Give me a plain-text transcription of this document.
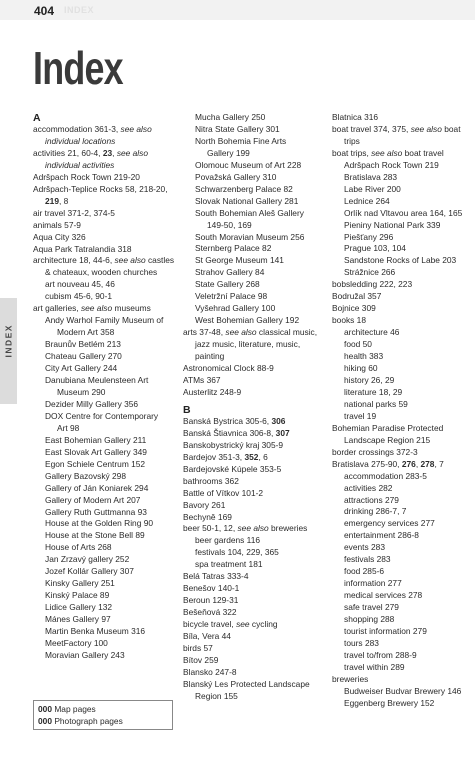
404 INDEX
Index
INDEX
A
accommodation 361-3, see also
individual locations
activities 21, 60-4, 23, see also
individual activities
Adršpach Rock Town 219-20
Adršpach-Teplice Rocks 58, 218-20,
219, 8
air travel 371-2, 374-5
animals 57-9
Aqua City 326
Aqua Park Tatralandia 318
architecture 18, 44-6, see also castles
& chateaux, wooden churches
art nouveau 45, 46
cubism 45-6, 90-1
art galleries, see also museums
Andy Warhol Family Museum of
Modern Art 358
Braunův Betlém 213
Chateau Gallery 270
City Art Gallery 244
Danubiana Meulensteen Art
Museum 290
Dezider Milly Gallery 356
DOX Centre for Contemporary
Art 98
East Bohemian Gallery 211
East Slovak Art Gallery 349
Egon Schiele Centrum 152
Gallery Bazovský 298
Gallery of Ján Koniarek 294
Gallery of Modern Art 207
Gallery Ruth Guttmanna 93
House at the Golden Ring 90
House at the Stone Bell 89
House of Arts 268
Jan Zrzavý gallery 252
Jozef Kollár Gallery 307
Kinsky Gallery 251
Kinský Palace 89
Lidice Gallery 132
Mánes Gallery 97
Martin Benka Museum 316
MeetFactory 100
Moravian Gallery 243
Mucha Gallery 250
Nitra State Gallery 301
North Bohemia Fine Arts
Gallery 199
Olomouc Museum of Art 228
Považská Gallery 310
Schwarzenberg Palace 82
Slovak National Gallery 281
South Bohemian Aleš Gallery
149-50, 169
South Moravian Museum 256
Sternberg Palace 82
St George Museum 141
Strahov Gallery 84
State Gallery 268
Veletržní Palace 98
Vyšehrad Gallery 100
West Bohemian Gallery 192
arts 37-48, see also classical music,
jazz music, literature, music,
painting
Astronomical Clock 88-9
ATMs 367
Austerlitz 248-9
B
Banská Bystrica 305-6, 306
Banská Štiavnica 306-8, 307
Banskobystrický kraj 305-9
Bardejov 351-3, 352, 6
Bardejovské Kúpele 353-5
bathrooms 362
Battle of Vítkov 101-2
Bavory 261
Bechyně 169
beer 50-1, 12, see also breweries
beer gardens 116
festivals 104, 229, 365
spa treatment 181
Belá Tatras 333-4
Benešov 140-1
Beroun 129-31
Bešeňová 322
bicycle travel, see cycling
Bíla, Vera 44
birds 57
Bítov 259
Blansko 247-8
Blanský Les Protected Landscape
Region 155
Blatnica 316
boat travel 374, 375, see also boat
trips
boat trips, see also boat travel
Adršpach Rock Town 219
Bratislava 283
Labe River 200
Lednice 264
Orlík nad Vltavou area 164, 165
Pieniny National Park 339
Piešťany 296
Prague 103, 104
Sandstone Rocks of Labe 203
Strážnice 266
bobsledding 222, 223
Bodružal 357
Bojnice 309
books 18
architecture 46
food 50
health 383
hiking 60
history 26, 29
literature 18, 29
national parks 59
travel 19
Bohemian Paradise Protected
Landscape Region 215
border crossings 372-3
Bratislava 275-90, 276, 278, 7
accommodation 283-5
activities 282
attractions 279
drinking 286-7, 7
emergency services 277
entertainment 286-8
events 283
festivals 283
food 285-6
information 277
medical services 278
safe travel 279
shopping 288
tourist information 279
tours 283
travel to/from 288-9
travel within 289
breweries
Budweiser Budvar Brewery 146
Eggenberg Brewery 152
000 Map pages
000 Photograph pages
